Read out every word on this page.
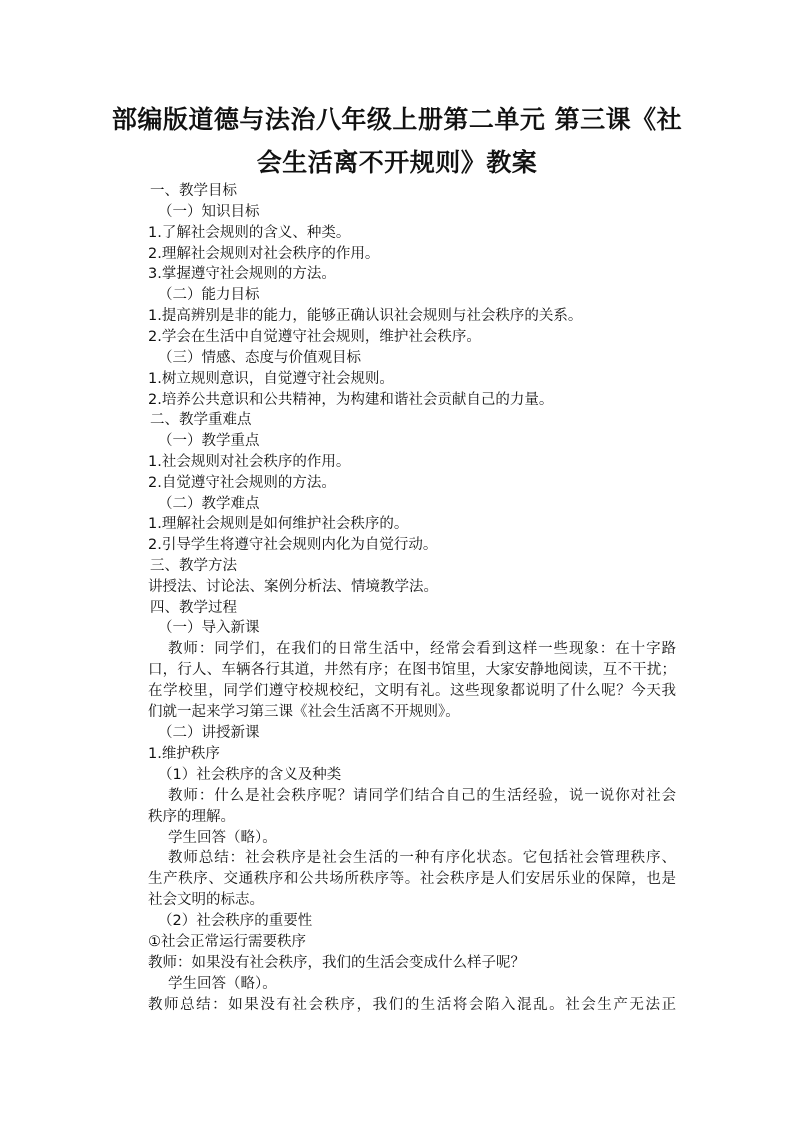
部编版道德与法治八年级上册第二单元 第三课《社
会生活离不开规则》教案
一、教学目标
（一）知识目标
1.了解社会规则的含义、种类。
2.理解社会规则对社会秩序的作用。
3.掌握遵守社会规则的方法。
（二）能力目标
1.提高辨别是非的能力，能够正确认识社会规则与社会秩序的关系。
2.学会在生活中自觉遵守社会规则，维护社会秩序。
（三）情感、态度与价值观目标
1.树立规则意识，自觉遵守社会规则。
2.培养公共意识和公共精神，为构建和谐社会贡献自己的力量。
二、教学重难点
（一）教学重点
1.社会规则对社会秩序的作用。
2.自觉遵守社会规则的方法。
（二）教学难点
1.理解社会规则是如何维护社会秩序的。
2.引导学生将遵守社会规则内化为自觉行动。
三、教学方法
讲授法、讨论法、案例分析法、情境教学法。
四、教学过程
（一）导入新课
教师：同学们，在我们的日常生活中，经常会看到这样一些现象：在十字路
口，行人、车辆各行其道，井然有序；在图书馆里，大家安静地阅读，互不干扰；
在学校里，同学们遵守校规校纪，文明有礼。这些现象都说明了什么呢？今天我
们就一起来学习第三课《社会生活离不开规则》。
（二）讲授新课
1.维护秩序
（1）社会秩序的含义及种类
教师：什么是社会秩序呢？请同学们结合自己的生活经验，说一说你对社会
秩序的理解。
学生回答（略）。
教师总结：社会秩序是社会生活的一种有序化状态。它包括社会管理秩序、
生产秩序、交通秩序和公共场所秩序等。社会秩序是人们安居乐业的保障，也是
社会文明的标志。
（2）社会秩序的重要性
①社会正常运行需要秩序
教师：如果没有社会秩序，我们的生活会变成什么样子呢？
学生回答（略）。
教师总结：如果没有社会秩序，我们的生活将会陷入混乱。社会生产无法正
